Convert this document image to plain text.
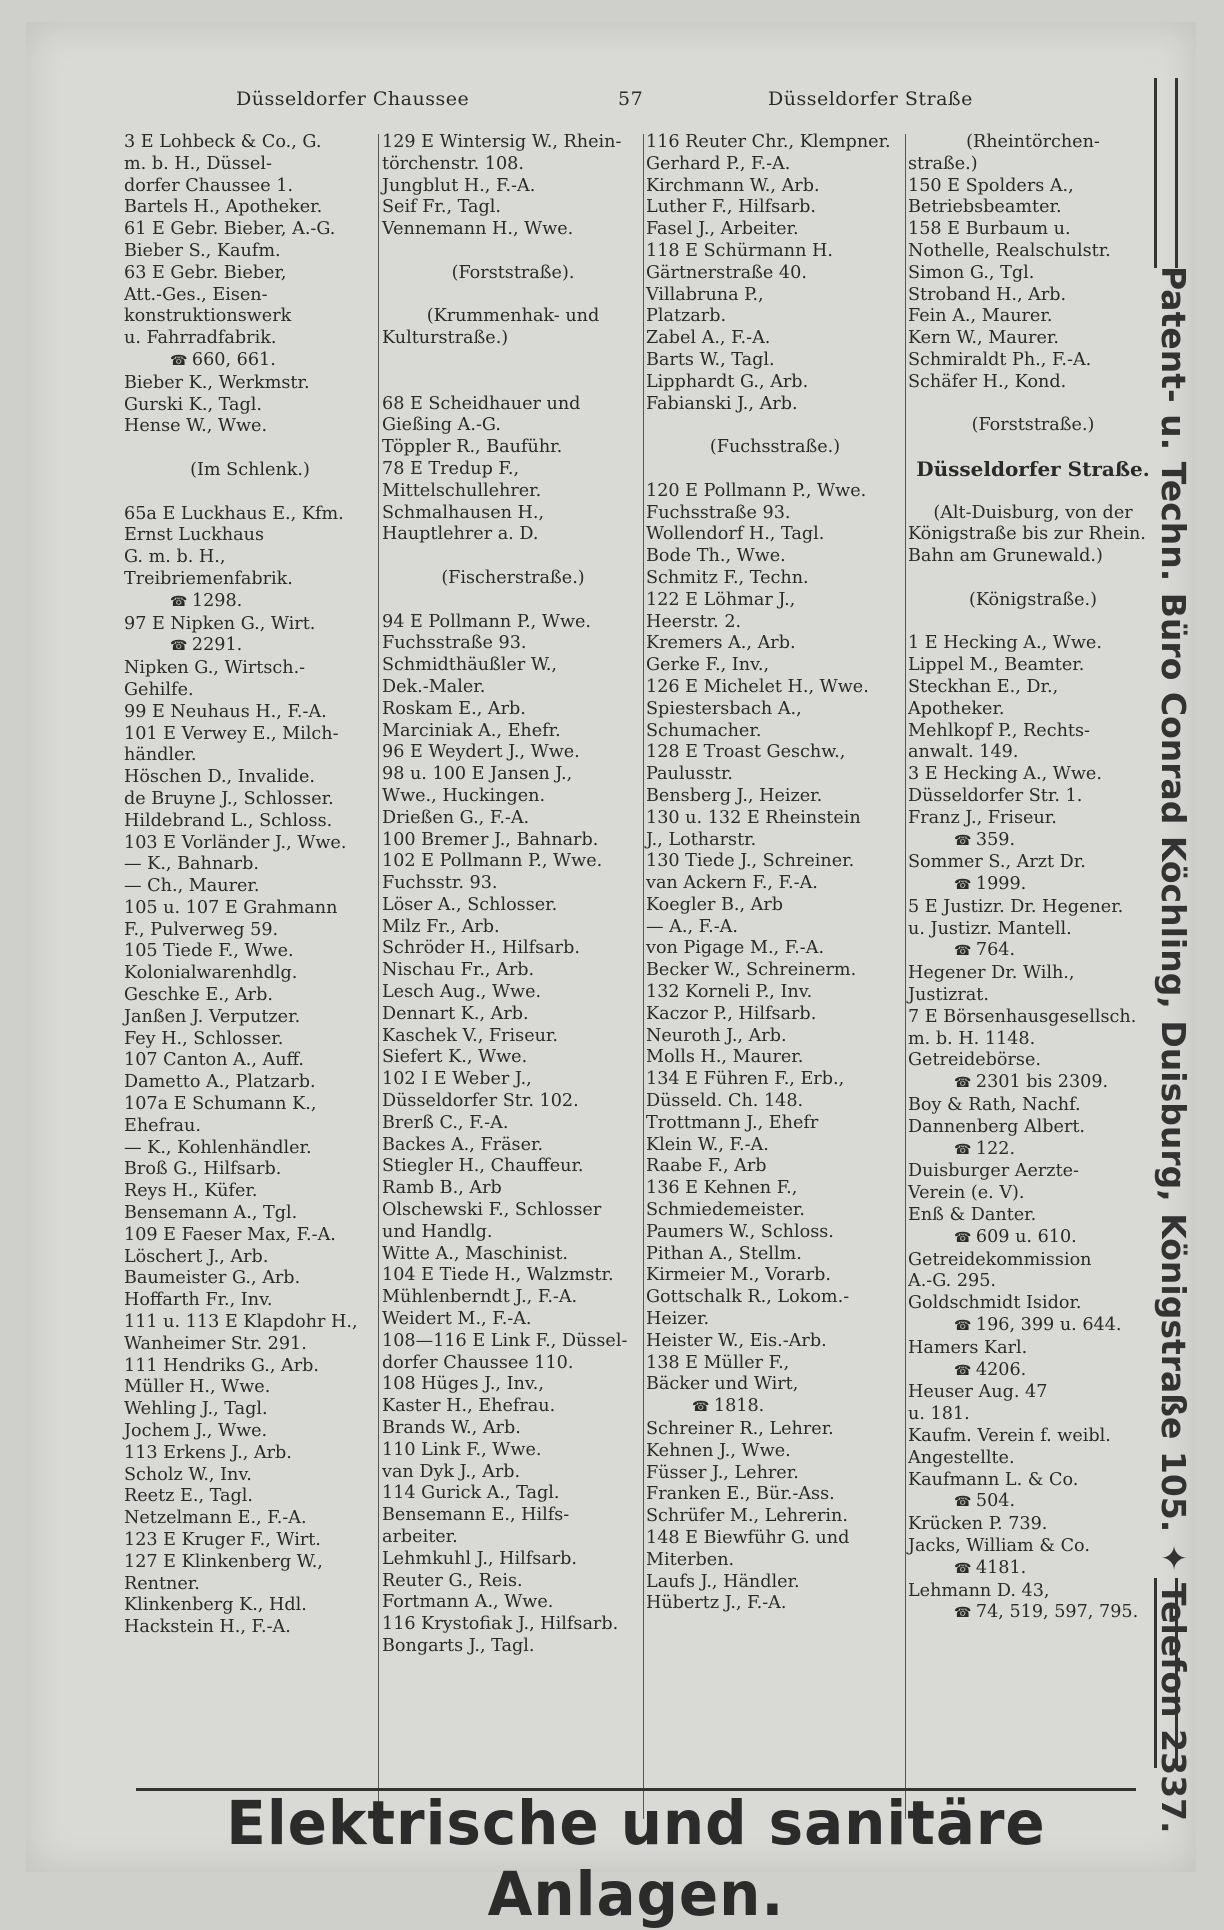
Düsseldorfer Chaussee	57	Düsseldorfer Straße
3 E Lohbeck & Co., G.
m. b. H., Düssel-
dorfer Chaussee 1.
Bartels H., Apotheker.
61 E Gebr. Bieber, A.-G.
Bieber S., Kaufm.
63 E Gebr. Bieber,
Att.-Ges., Eisen-
konstruktionswerk
u. Fahrradfabrik.
☎ 660, 661.
Bieber K., Werkmstr.
Gurski K., Tagl.
Hense W., Wwe.

(Im Schlenk.)

65a E Luckhaus E., Kfm.
Ernst Luckhaus
G. m. b. H.,
Treibriemenfabrik.
☎ 1298.
97 E Nipken G., Wirt.
☎ 2291.
Nipken G., Wirtsch.-
Gehilfe.
99 E Neuhaus H., F.-A.
101 E Verwey E., Milch-
händler.
Höschen D., Invalide.
de Bruyne J., Schlosser.
Hildebrand L., Schloss.
103 E Vorländer J., Wwe.
— K., Bahnarb.
— Ch., Maurer.
105 u. 107 E Grahmann
F., Pulverweg 59.
105 Tiede F., Wwe.
Kolonialwarenhdlg.
Geschke E., Arb.
Janßen J. Verputzer.
Fey H., Schlosser.
107 Canton A., Auff.
Dametto A., Platzarb.
107a E Schumann K.,
Ehefrau.
— K., Kohlenhändler.
Broß G., Hilfsarb.
Reys H., Küfer.
Bensemann A., Tgl.
109 E Faeser Max, F.-A.
Löschert J., Arb.
Baumeister G., Arb.
Hoffarth Fr., Inv.
111 u. 113 E Klapdohr H.,
Wanheimer Str. 291.
111 Hendriks G., Arb.
Müller H., Wwe.
Wehling J., Tagl.
Jochem J., Wwe.
113 Erkens J., Arb.
Scholz W., Inv.
Reetz E., Tagl.
Netzelmann E., F.-A.
123 E Kruger F., Wirt.
127 E Klinkenberg W.,
Rentner.
Klinkenberg K., Hdl.
Hackstein H., F.-A.
129 E Wintersig W., Rhein-
törchenstr. 108.
Jungblut H., F.-A.
Seif Fr., Tagl.
Vennemann H., Wwe.

(Forststraße).

(Krummenhak- und
Kulturstraße.)

68 E Scheidhauer und
Gießing A.-G.
Töppler R., Bauführ.
78 E Tredup F.,
Mittelschullehrer.
Schmalhausen H.,
Hauptlehrer a. D.

(Fischerstraße.)

94 E Pollmann P., Wwe.
Fuchsstraße 93.
Schmidthäußler W.,
Dek.-Maler.
Roskam E., Arb.
Marciniak A., Ehefr.
96 E Weydert J., Wwe.
98 u. 100 E Jansen J.,
Wwe., Huckingen.
Drießen G., F.-A.
100 Bremer J., Bahnarb.
102 E Pollmann P., Wwe.
Fuchsstr. 93.
Löser A., Schlosser.
Milz Fr., Arb.
Schröder H., Hilfsarb.
Nischau Fr., Arb.
Lesch Aug., Wwe.
Dennart K., Arb.
Kaschek V., Friseur.
Siefert K., Wwe.
102 I E Weber J.,
Düsseldorfer Str. 102.
Brerß C., F.-A.
Backes A., Fräser.
Stiegler H., Chauffeur.
Ramb B., Arb
Olschewski F., Schlosser
und Handlg.
Witte A., Maschinist.
104 E Tiede H., Walzmstr.
Mühlenberndt J., F.-A.
Weidert M., F.-A.
108—116 E Link F., Düssel-
dorfer Chaussee 110.
108 Hüges J., Inv.,
Kaster H., Ehefrau.
Brands W., Arb.
110 Link F., Wwe.
van Dyk J., Arb.
114 Gurick A., Tagl.
Bensemann E., Hilfs-
arbeiter.
Lehmkuhl J., Hilfsarb.
Reuter G., Reis.
Fortmann A., Wwe.
116 Krystofiak J., Hilfsarb.
Bongarts J., Tagl.
116 Reuter Chr., Klempner.
Gerhard P., F.-A.
Kirchmann W., Arb.
Luther F., Hilfsarb.
Fasel J., Arbeiter.
118 E Schürmann H.
Gärtnerstraße 40.
Villabruna P.,
Platzarb.
Zabel A., F.-A.
Barts W., Tagl.
Lipphardt G., Arb.
Fabianski J., Arb.

(Fuchsstraße.)

120 E Pollmann P., Wwe.
Fuchsstraße 93.
Wollendorf H., Tagl.
Bode Th., Wwe.
Schmitz F., Techn.
122 E Löhmar J.,
Heerstr. 2.
Kremers A., Arb.
Gerke F., Inv.,
126 E Michelet H., Wwe.
Spiestersbach A.,
Schumacher.
128 E Troast Geschw.,
Paulusstr.
Bensberg J., Heizer.
130 u. 132 E Rheinstein
J., Lotharstr.
130 Tiede J., Schreiner.
van Ackern F., F.-A.
Koegler B., Arb
— A., F.-A.
von Pigage M., F.-A.
Becker W., Schreinerm.
132 Korneli P., Inv.
Kaczor P., Hilfsarb.
Neuroth J., Arb.
Molls H., Maurer.
134 E Führen F., Erb.,
Düsseld. Ch. 148.
Trottmann J., Ehefr
Klein W., F.-A.
Raabe F., Arb
136 E Kehnen F.,
Schmiedemeister.
Paumers W., Schloss.
Pithan A., Stellm.
Kirmeier M., Vorarb.
Gottschalk R., Lokom.-
Heizer.
Heister W., Eis.-Arb.
138 E Müller F.,
Bäcker und Wirt,
☎ 1818.
Schreiner R., Lehrer.
Kehnen J., Wwe.
Füsser J., Lehrer.
Franken E., Bür.-Ass.
Schrüfer M., Lehrerin.
148 E Biewführ G. und
Miterben.
Laufs J., Händler.
Hübertz J., F.-A.
(Rheintörchen-
straße.)
150 E Spolders A.,
Betriebsbeamter.
158 E Burbaum u.
Nothelle, Realschulstr.
Simon G., Tgl.
Stroband H., Arb.
Fein A., Maurer.
Kern W., Maurer.
Schmiraldt Ph., F.-A.
Schäfer H., Kond.

(Forststraße.)

Düsseldorfer Straße.

(Alt-Duisburg, von der
Königstraße bis zur Rhein.
Bahn am Grunewald.)

(Königstraße.)

1 E Hecking A., Wwe.
Lippel M., Beamter.
Steckhan E., Dr.,
Apotheker.
Mehlkopf P., Rechts-
anwalt. 149.
3 E Hecking A., Wwe.
Düsseldorfer Str. 1.
Franz J., Friseur.
☎ 359.
Sommer S., Arzt Dr.
☎ 1999.
5 E Justizr. Dr. Hegener.
u. Justizr. Mantell.
☎ 764.
Hegener Dr. Wilh.,
Justizrat.
7 E Börsenhausgesellsch.
m. b. H. 1148.
Getreidebörse.
☎ 2301 bis 2309.
Boy & Rath, Nachf.
Dannenberg Albert.
☎ 122.
Duisburger Aerzte-
Verein (e. V).
Enß & Danter.
☎ 609 u. 610.
Getreidekommission
A.-G. 295.
Goldschmidt Isidor.
☎ 196, 399 u. 644.
Hamers Karl.
☎ 4206.
Heuser Aug. 47
u. 181.
Kaufm. Verein f. weibl.
Angestellte.
Kaufmann L. & Co.
☎ 504.
Krücken P. 739.
Jacks, William & Co.
☎ 4181.
Lehmann D. 43,
☎ 74, 519, 597, 795. Patent- u. Techn. Büro Conrad Köchling, Duisburg, Königstraße 105. ✦ Telefon 2337.
Elektrische und sanitäre Anlagen.
